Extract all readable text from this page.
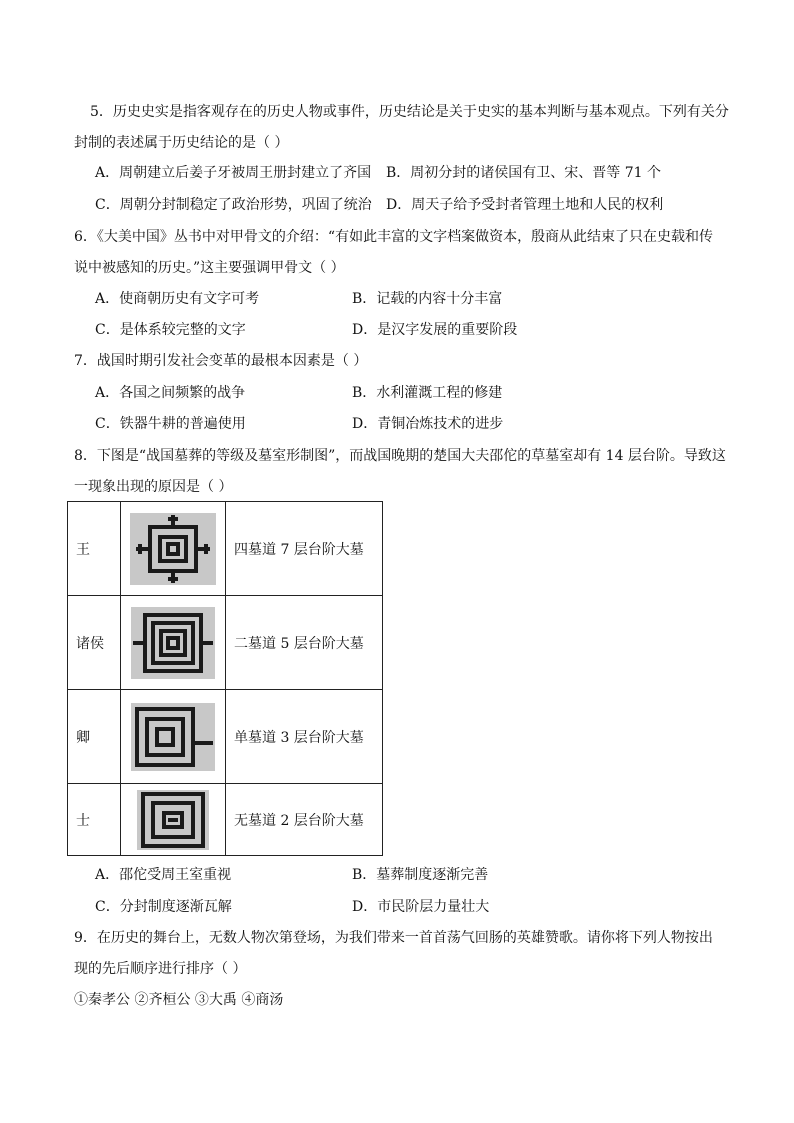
5．历史史实是指客观存在的历史人物或事件，历史结论是关于史实的基本判断与基本观点。下列有关分
封制的表述属于历史结论的是（ ）
A．周朝建立后姜子牙被周王册封建立了齐国 B．周初分封的诸侯国有卫、宋、晋等 71 个
C．周朝分封制稳定了政治形势，巩固了统治 D．周天子给予受封者管理土地和人民的权利
6．《大美中国》丛书中对甲骨文的介绍：“有如此丰富的文字档案做资本，殷商从此结束了只在史载和传
说中被感知的历史。”这主要强调甲骨文（ ）
A．使商朝历史有文字可考	B．记载的内容十分丰富
C．是体系较完整的文字	D．是汉字发展的重要阶段
7．战国时期引发社会变革的最根本因素是（ ）
A．各国之间频繁的战争	B．水利灌溉工程的修建
C．铁器牛耕的普遍使用	D．青铜冶炼技术的进步
8．下图是“战国墓葬的等级及墓室形制图”，而战国晚期的楚国大夫邵佗的草墓室却有 14 层台阶。导致这
一现象出现的原因是（ ）
王		四墓道 7 层台阶大墓
诸侯		二墓道 5 层台阶大墓
卿		单墓道 3 层台阶大墓
士		无墓道 2 层台阶大墓
A．邵佗受周王室重视	B．墓葬制度逐渐完善
C．分封制度逐渐瓦解	D．市民阶层力量壮大
9．在历史的舞台上，无数人物次第登场，为我们带来一首首荡气回肠的英雄赞歌。请你将下列人物按出
现的先后顺序进行排序（ ）
①秦孝公 ②齐桓公 ③大禹 ④商汤
